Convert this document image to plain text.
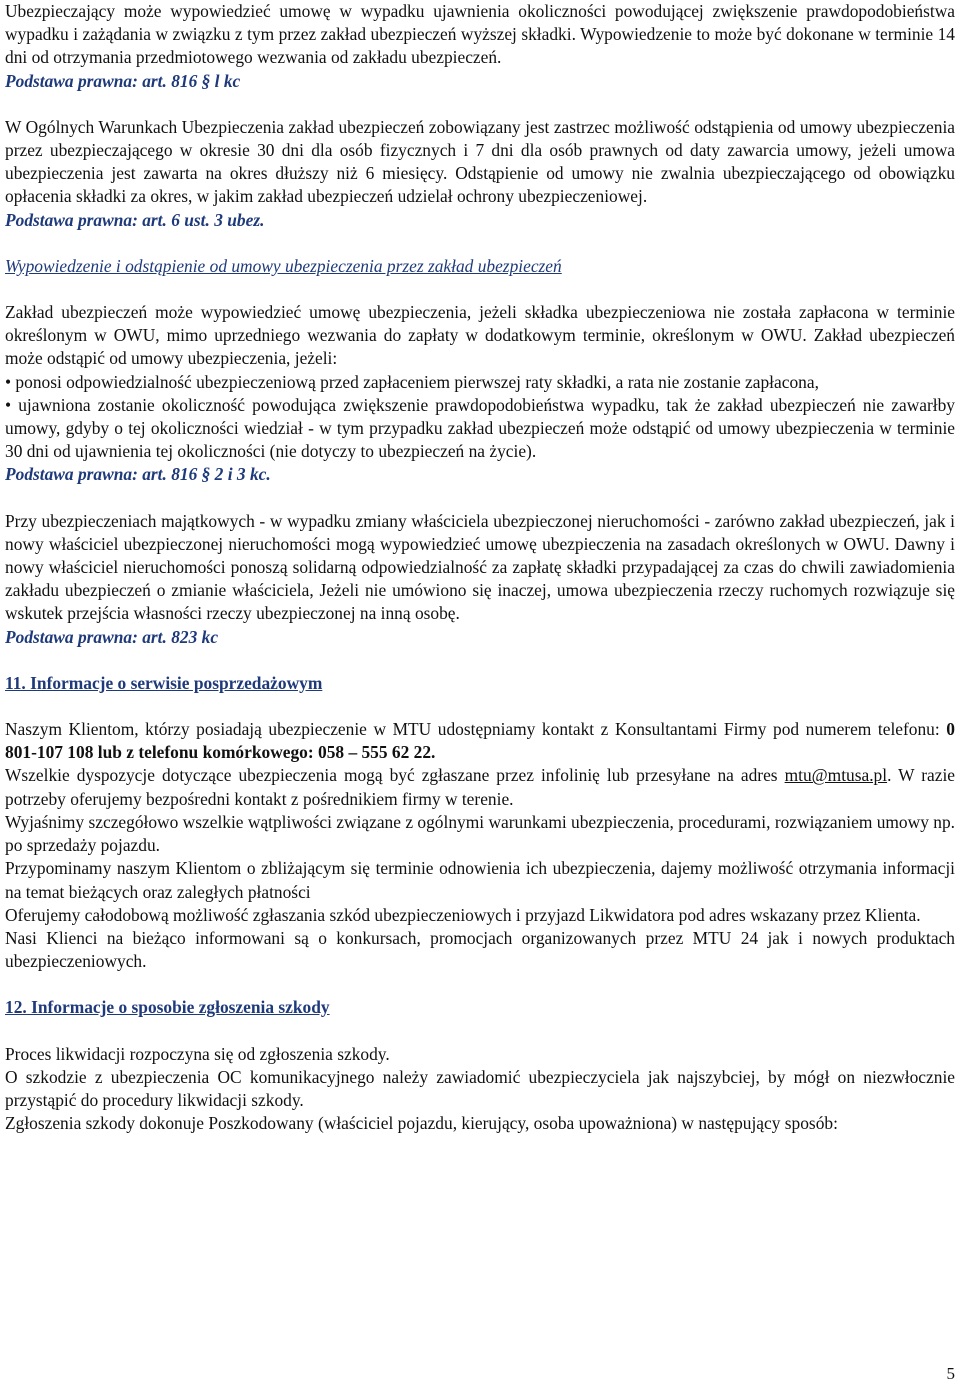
Ubezpieczający może wypowiedzieć umowę w wypadku ujawnienia okoliczności powodującej zwiększenie prawdopodobieństwa wypadku i zażądania w związku z tym przez zakład ubezpieczeń wyższej składki. Wypowiedzenie to może być dokonane w terminie 14 dni od otrzymania przedmiotowego wezwania od zakładu ubezpieczeń.

Podstawa prawna: art. 816 § l kc

W Ogólnych Warunkach Ubezpieczenia zakład ubezpieczeń zobowiązany jest zastrzec możliwość odstąpienia od umowy ubezpieczenia przez ubezpieczającego w okresie 30 dni dla osób fizycznych i 7 dni dla osób prawnych od daty zawarcia umowy, jeżeli umowa ubezpieczenia jest zawarta na okres dłuższy niż 6 miesięcy. Odstąpienie od umowy nie zwalnia ubezpieczającego od obowiązku opłacenia składki za okres, w jakim zakład ubezpieczeń udzielał ochrony ubezpieczeniowej.

Podstawa prawna: art. 6 ust. 3 ubez.

Wypowiedzenie i odstąpienie od umowy ubezpieczenia przez zakład ubezpieczeń

Zakład ubezpieczeń może wypowiedzieć umowę ubezpieczenia, jeżeli składka ubezpieczeniowa nie została zapłacona w terminie określonym w OWU, mimo uprzedniego wezwania do zapłaty w dodatkowym terminie, określonym w OWU. Zakład ubezpieczeń może odstąpić od umowy ubezpieczenia, jeżeli:

• ponosi odpowiedzialność ubezpieczeniową przed zapłaceniem pierwszej raty składki, a rata nie zostanie zapłacona,

• ujawniona zostanie okoliczność powodująca zwiększenie prawdopodobieństwa wypadku, tak że zakład ubezpieczeń nie zawarłby umowy, gdyby o tej okoliczności wiedział - w tym przypadku zakład ubezpieczeń może odstąpić od umowy ubezpieczenia w terminie 30 dni od ujawnienia tej okoliczności (nie dotyczy to ubezpieczeń na życie).

Podstawa prawna: art. 816 § 2 i 3 kc.

Przy ubezpieczeniach majątkowych - w wypadku zmiany właściciela ubezpieczonej nieruchomości - zarówno zakład ubezpieczeń, jak i nowy właściciel ubezpieczonej nieruchomości mogą wypowiedzieć umowę ubezpieczenia na zasadach określonych w OWU. Dawny i nowy właściciel nieruchomości ponoszą solidarną odpowiedzialność za zapłatę składki przypadającej za czas do chwili zawiadomienia zakładu ubezpieczeń o zmianie właściciela, Jeżeli nie umówiono się inaczej, umowa ubezpieczenia rzeczy ruchomych rozwiązuje się wskutek przejścia własności rzeczy ubezpieczonej na inną osobę.

Podstawa prawna: art. 823 kc

11. Informacje o serwisie posprzedażowym

Naszym Klientom, którzy posiadają ubezpieczenie w MTU udostępniamy kontakt z Konsultantami Firmy pod numerem telefonu: 0 801-107 108 lub z telefonu komórkowego: 058 – 555 62 22.

Wszelkie dyspozycje dotyczące ubezpieczenia mogą być zgłaszane przez infolinię lub przesyłane na adres mtu@mtusa.pl. W razie potrzeby oferujemy bezpośredni kontakt z pośrednikiem firmy w terenie.

Wyjaśnimy szczegółowo wszelkie wątpliwości związane z ogólnymi warunkami ubezpieczenia, procedurami, rozwiązaniem umowy np. po sprzedaży pojazdu.

Przypominamy naszym Klientom o zbliżającym się terminie odnowienia ich ubezpieczenia, dajemy możliwość otrzymania informacji na temat bieżących oraz zaległych płatności

Oferujemy całodobową możliwość zgłaszania szkód ubezpieczeniowych i przyjazd Likwidatora pod adres wskazany przez Klienta.

Nasi Klienci na bieżąco informowani są o konkursach, promocjach organizowanych przez MTU 24 jak i nowych produktach ubezpieczeniowych.

12. Informacje o sposobie zgłoszenia szkody

Proces likwidacji rozpoczyna się od zgłoszenia szkody.

O szkodzie z ubezpieczenia OC komunikacyjnego należy zawiadomić ubezpieczyciela jak najszybciej, by mógł on niezwłocznie przystąpić do procedury likwidacji szkody.

Zgłoszenia szkody dokonuje Poszkodowany (właściciel pojazdu, kierujący, osoba upoważniona) w następujący sposób:

5
